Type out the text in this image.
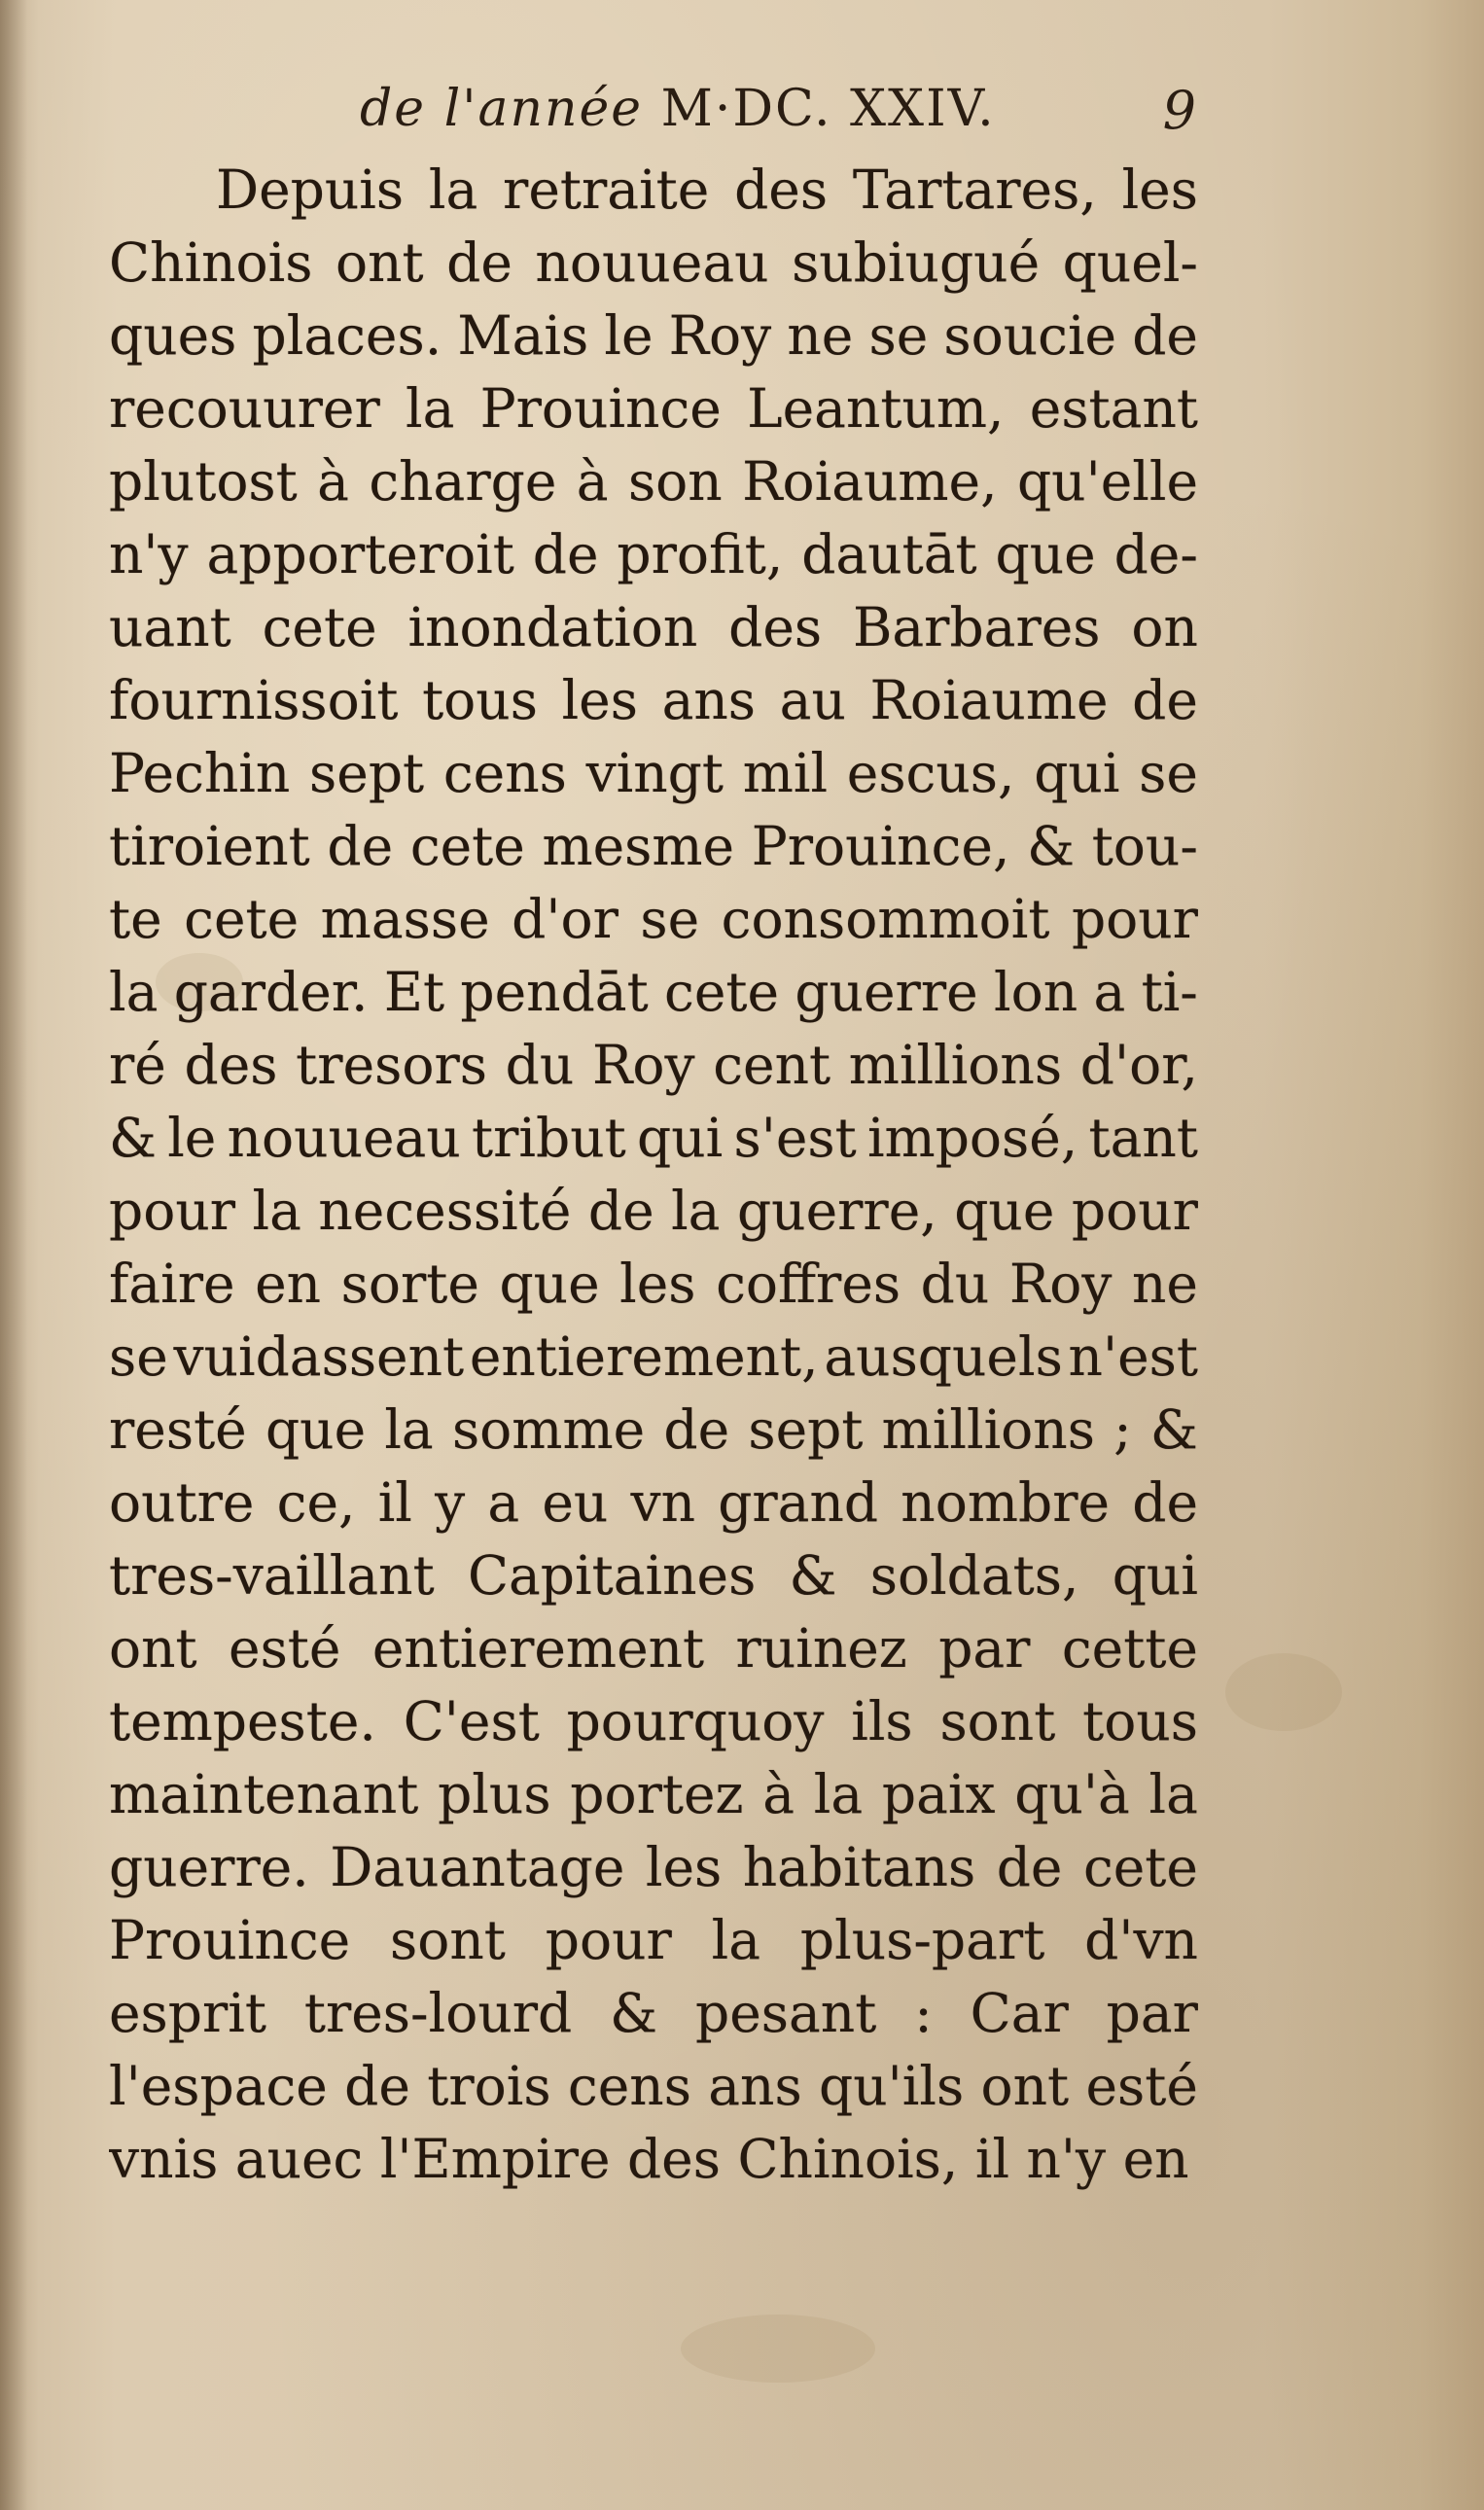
de l'année M·DC. XXIV.	9
Depuis la retraite des Tartares, les
Chinois ont de nouueau subiugué quel-
ques places. Mais le Roy ne se soucie de
recouurer la Prouince Leantum, estant
plutost à charge à son Roiaume, qu'elle
n'y apporteroit de profit, dautāt que de-
uant cete inondation des Barbares on
fournissoit tous les ans au Roiaume de
Pechin sept cens vingt mil escus, qui se
tiroient de cete mesme Prouince, & tou-
te cete masse d'or se consommoit pour
la garder. Et pendāt cete guerre lon a ti-
ré des tresors du Roy cent millions d'or,
& le nouueau tribut qui s'est imposé, tant
pour la necessité de la guerre, que pour
faire en sorte que les coffres du Roy ne
se vuidassent entierement, ausquels n'est
resté que la somme de sept millions ; &
outre ce, il y a eu vn grand nombre de
tres-vaillant Capitaines & soldats, qui
ont esté entierement ruinez par cette
tempeste. C'est pourquoy ils sont tous
maintenant plus portez à la paix qu'à la
guerre. Dauantage les habitans de cete
Prouince sont pour la plus-part d'vn
esprit tres-lourd & pesant : Car par
l'espace de trois cens ans qu'ils ont esté
vnis auec l'Empire des Chinois, il n'y en
